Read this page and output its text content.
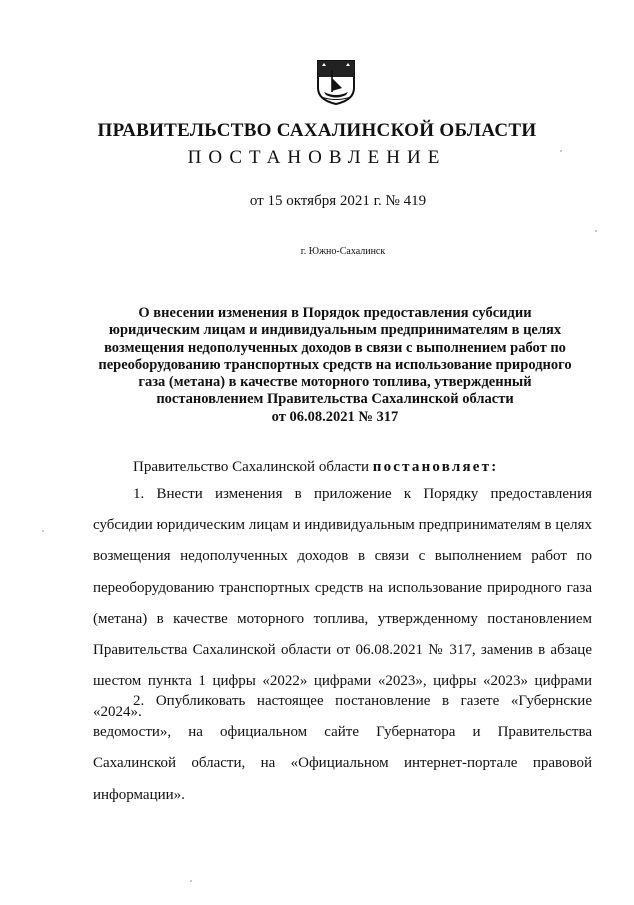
ПРАВИТЕЛЬСТВО САХАЛИНСКОЙ ОБЛАСТИ
ПОСТАНОВЛЕНИЕ
от 15 октября 2021 г. № 419
г. Южно-Сахалинск
О внесении изменения в Порядок предоставления субсидии
юридическим лицам и индивидуальным предпринимателям в целях
возмещения недополученных доходов в связи с выполнением работ по
переоборудованию транспортных средств на использование природного
газа (метана) в качестве моторного топлива, утвержденный
постановлением Правительства Сахалинской области
от 06.08.2021 № 317
Правительство Сахалинской области постановляет:
1. Внести изменения в приложение к Порядку предоставления субсидии юридическим лицам и индивидуальным предпринимателям в целях возмещения недополученных доходов в связи с выполнением работ по переоборудованию транспортных средств на использование природного газа (метана) в качестве моторного топлива, утвержденному постановлением Правительства Сахалинской области от 06.08.2021 № 317, заменив в абзаце шестом пункта 1 цифры «2022» цифрами «2023», цифры «2023» цифрами «2024».
2. Опубликовать настоящее постановление в газете «Губернские ведомости», на официальном сайте Губернатора и Правительства Сахалинской области, на «Официальном интернет-портале правовой информации».
